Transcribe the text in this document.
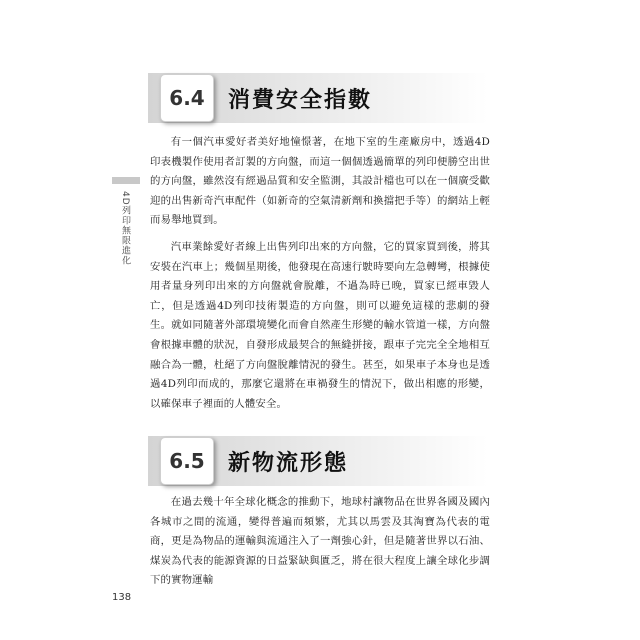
4D列印無限進化
6.4	消費安全指數

有一個汽車愛好者美好地憧憬著，在地下室的生產廠房中，透過4D印表機製作使用者訂製的方向盤，而這一個個透過簡單的列印便勝空出世的方向盤，雖然沒有經過品質和安全監測，其設計檔也可以在一個廣受歡迎的出售新奇汽車配件（如新奇的空氣清新劑和換擋把手等）的網站上輕而易舉地買到。

汽車業餘愛好者線上出售列印出來的方向盤，它的買家買到後，將其安裝在汽車上；幾個星期後，他發現在高速行駛時要向左急轉彎，根據使用者量身列印出來的方向盤就會脫離，不過為時已晚，買家已經車毀人亡，但是透過4D列印技術製造的方向盤，則可以避免這樣的悲劇的發生。就如同隨著外部環境變化而會自然產生形變的輸水管道一樣，方向盤會根據車體的狀況，自發形成最契合的無縫拼接，跟車子完完全全地相互融合為一體，杜絕了方向盤脫離情況的發生。甚至，如果車子本身也是透過4D列印而成的，那麼它還將在車禍發生的情況下，做出相應的形變，以確保車子裡面的人體安全。

6.5	新物流形態

在過去幾十年全球化概念的推動下，地球村讓物品在世界各國及國內各城市之間的流通，變得普遍而頻繁，尤其以馬雲及其淘寶為代表的電商，更是為物品的運輸與流通注入了一劑強心針，但是隨著世界以石油、煤炭為代表的能源資源的日益緊缺與匱乏，將在很大程度上讓全球化步調下的實物運輸

138
